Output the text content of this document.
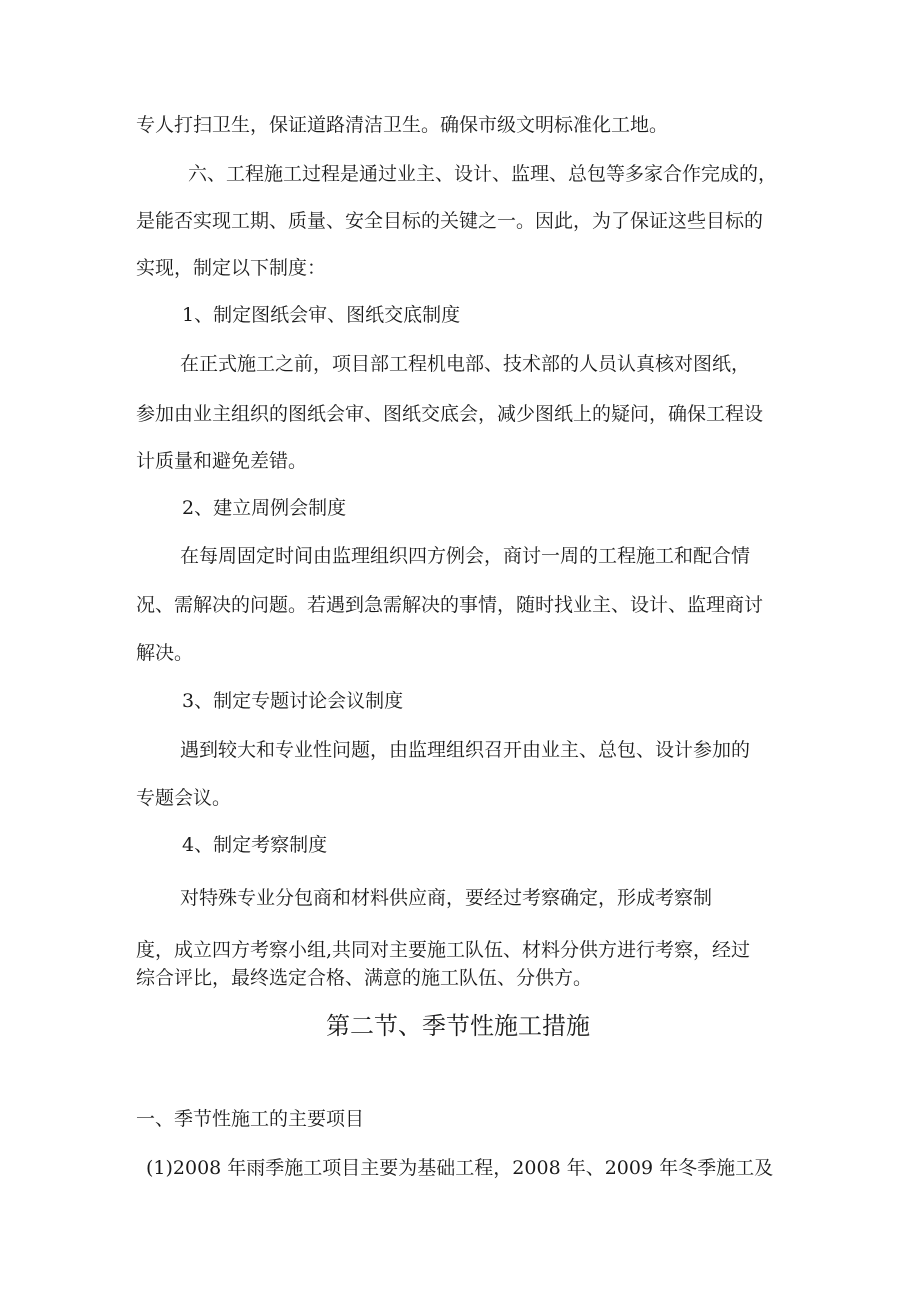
专人打扫卫生，保证道路清洁卫生。确保市级文明标准化工地。
六、工程施工过程是通过业主、设计、监理、总包等多家合作完成的，
是能否实现工期、质量、安全目标的关键之一。因此，为了保证这些目标的
实现，制定以下制度：
1、制定图纸会审、图纸交底制度
在正式施工之前，项目部工程机电部、技术部的人员认真核对图纸，
参加由业主组织的图纸会审、图纸交底会，减少图纸上的疑问，确保工程设
计质量和避免差错。
2、建立周例会制度
在每周固定时间由监理组织四方例会，商讨一周的工程施工和配合情
况、需解决的问题。若遇到急需解决的事情，随时找业主、设计、监理商讨
解决。
3、制定专题讨论会议制度
遇到较大和专业性问题，由监理组织召开由业主、总包、设计参加的
专题会议。
4、制定考察制度
对特殊专业分包商和材料供应商，要经过考察确定，形成考察制
度，成立四方考察小组,共同对主要施工队伍、材料分供方进行考察，经过
综合评比，最终选定合格、满意的施工队伍、分供方。
第二节、季节性施工措施
一、季节性施工的主要项目
(1)2008 年雨季施工项目主要为基础工程，2008 年、2009 年冬季施工及
